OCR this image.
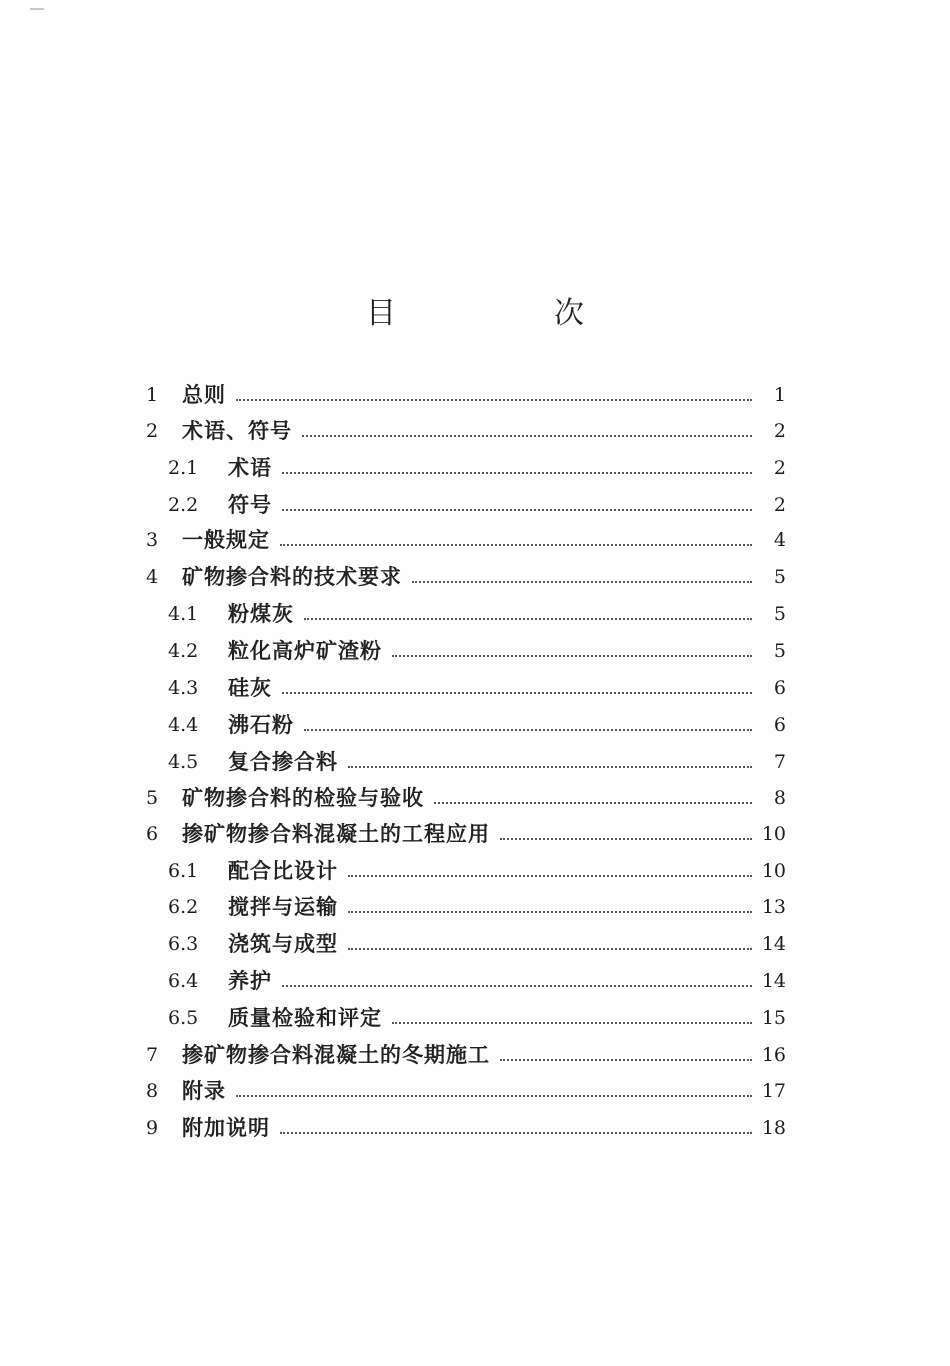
目　次
1	总则	1
2	术语、符号	2
2.1	术语	2
2.2	符号	2
3	一般规定	4
4	矿物掺合料的技术要求	5
4.1	粉煤灰	5
4.2	粒化高炉矿渣粉	5
4.3	硅灰	6
4.4	沸石粉	6
4.5	复合掺合料	7
5	矿物掺合料的检验与验收	8
6	掺矿物掺合料混凝土的工程应用	10
6.1	配合比设计	10
6.2	搅拌与运输	13
6.3	浇筑与成型	14
6.4	养护	14
6.5	质量检验和评定	15
7	掺矿物掺合料混凝土的冬期施工	16
8	附录	17
9	附加说明	18
